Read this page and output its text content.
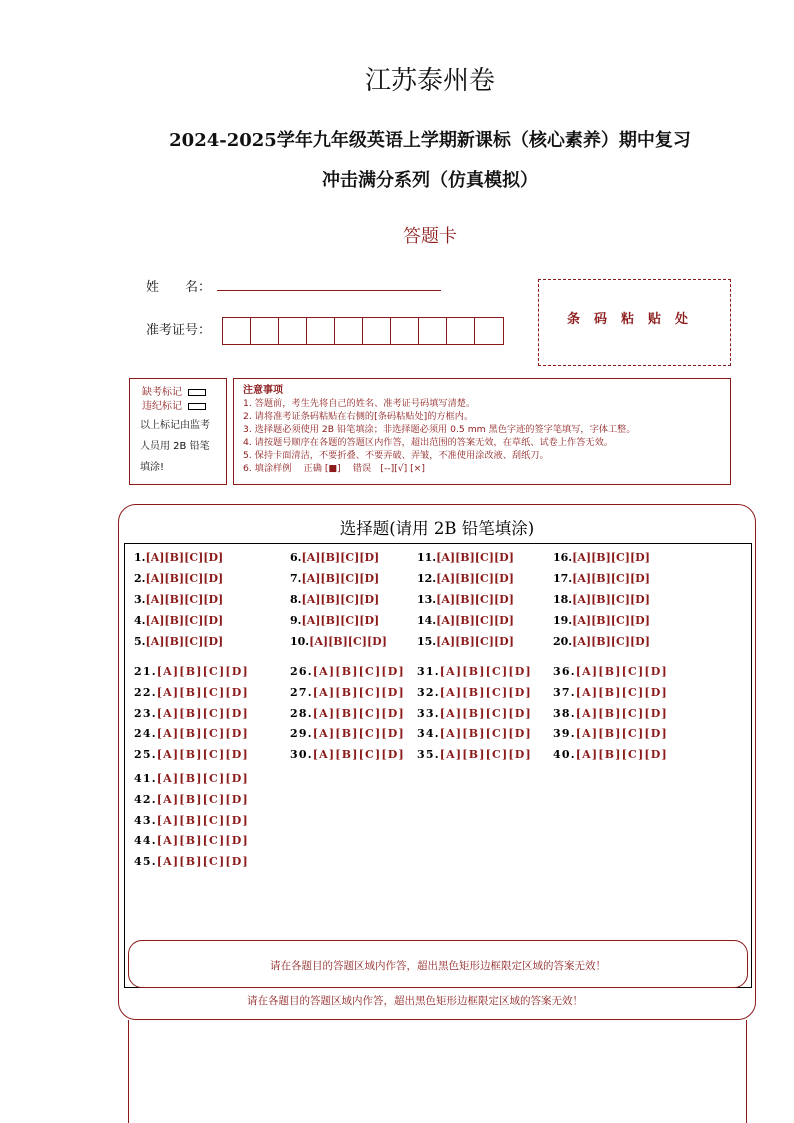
江苏泰州卷
2024-2025学年九年级英语上学期新课标（核心素养）期中复习
冲击满分系列（仿真模拟）
答题卡
姓　　名：
准考证号：
条码粘贴处
缺考标记
违纪标记
以上标记由监考
人员用 2B 铅笔
填涂!
注意事项
1. 答题前，考生先将自己的姓名、准考证号码填写清楚。
2. 请将准考证条码粘贴在右侧的[条码粘贴处]的方框内。
3. 选择题必须使用 2B 铅笔填涂；非选择题必须用 0.5 mm 黑色字迹的签字笔填写，字体工整。
4. 请按题号顺序在各题的答题区内作答，超出范围的答案无效，在草纸、试卷上作答无效。
5. 保持卡面清洁，不要折叠、不要弄破、弄皱，不准使用涂改液、刮纸刀。
6. 填涂样例　 正确 [■]　 错误　[--][√] [×]
选择题(请用 2B 铅笔填涂)
1.[A][B][C][D]
2.[A][B][C][D]
3.[A][B][C][D]
4.[A][B][C][D]
5.[A][B][C][D]
6.[A][B][C][D]
7.[A][B][C][D]
8.[A][B][C][D]
9.[A][B][C][D]
10.[A][B][C][D]
11.[A][B][C][D]
12.[A][B][C][D]
13.[A][B][C][D]
14.[A][B][C][D]
15.[A][B][C][D]
16.[A][B][C][D]
17.[A][B][C][D]
18.[A][B][C][D]
19.[A][B][C][D]
20.[A][B][C][D]
21.[A][B][C][D]
22.[A][B][C][D]
23.[A][B][C][D]
24.[A][B][C][D]
25.[A][B][C][D]
26.[A][B][C][D]
27.[A][B][C][D]
28.[A][B][C][D]
29.[A][B][C][D]
30.[A][B][C][D]
31.[A][B][C][D]
32.[A][B][C][D]
33.[A][B][C][D]
34.[A][B][C][D]
35.[A][B][C][D]
36.[A][B][C][D]
37.[A][B][C][D]
38.[A][B][C][D]
39.[A][B][C][D]
40.[A][B][C][D]
41.[A][B][C][D]
42.[A][B][C][D]
43.[A][B][C][D]
44.[A][B][C][D]
45.[A][B][C][D]
请在各题目的答题区域内作答，超出黑色矩形边框限定区域的答案无效！
请在各题目的答题区域内作答，超出黑色矩形边框限定区域的答案无效！
